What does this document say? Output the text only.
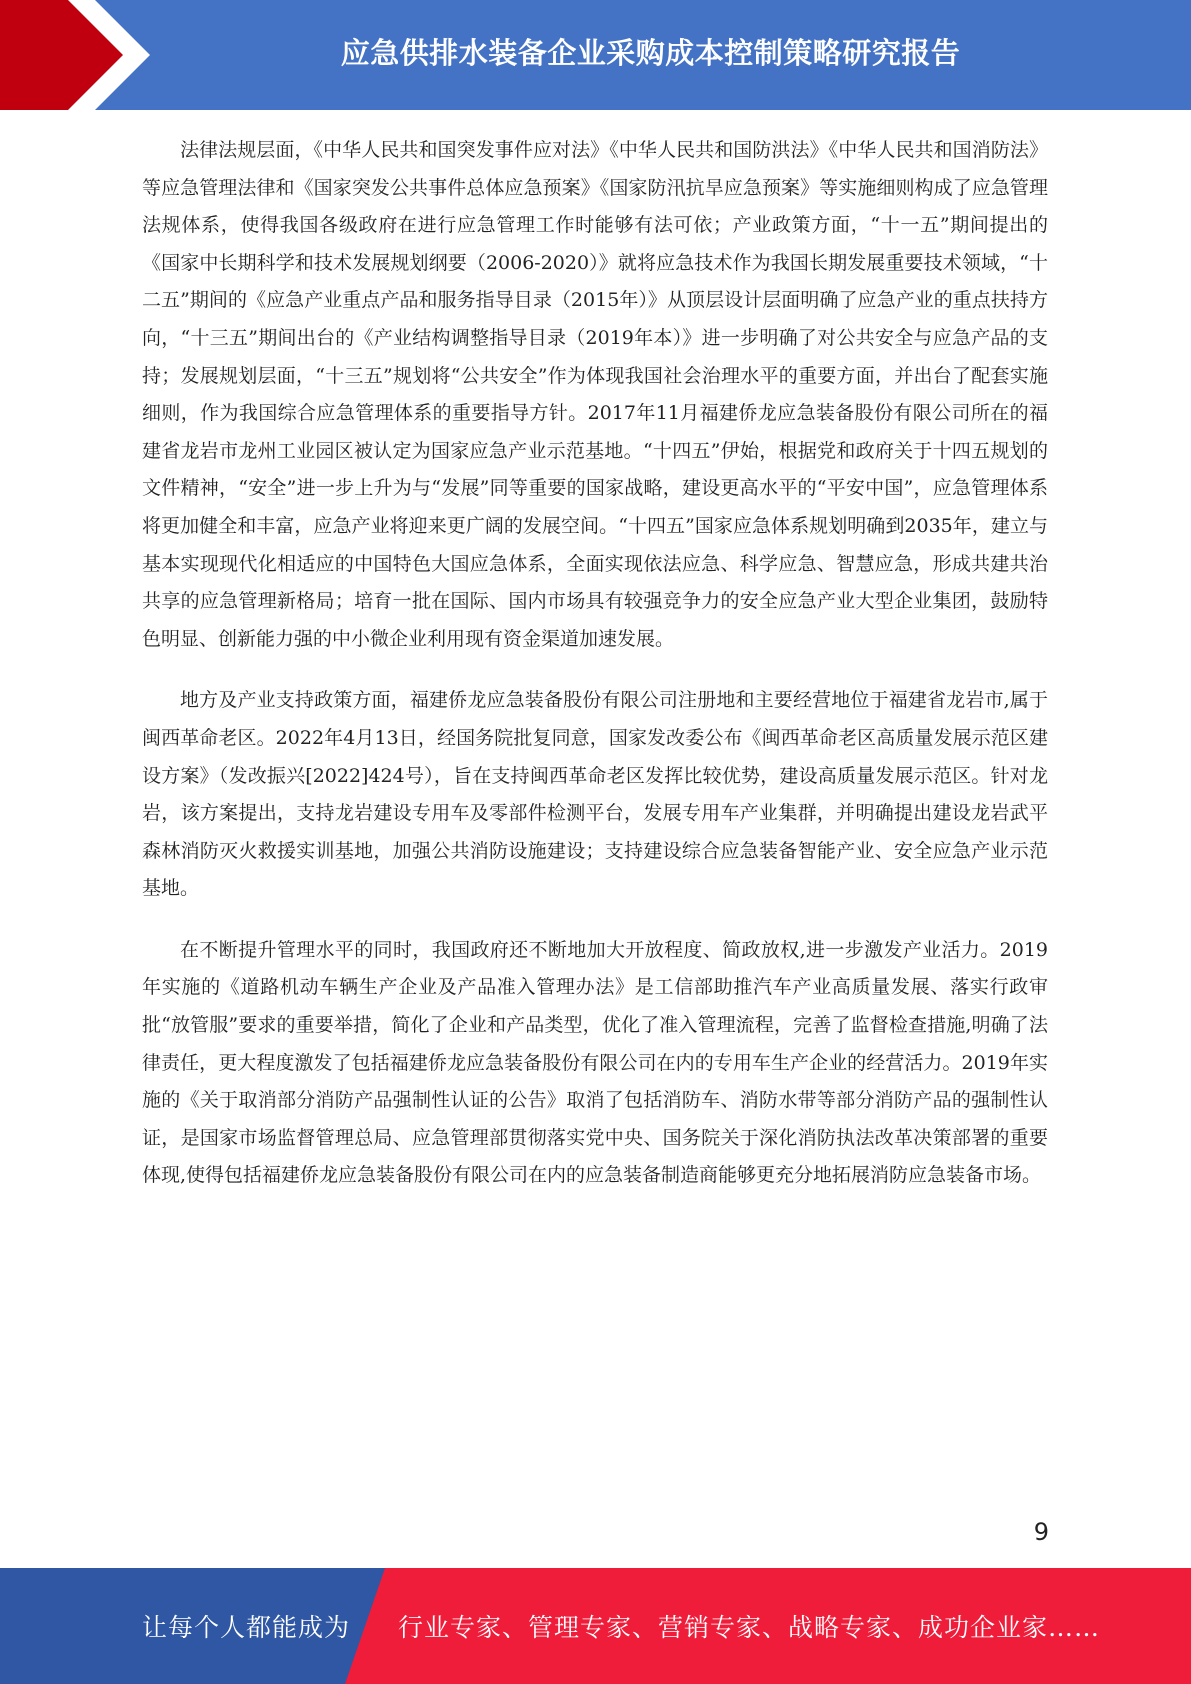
应急供排水装备企业采购成本控制策略研究报告

法律法规层面，《中华人民共和国突发事件应对法》《中华人民共和国防洪法》《中华人民共和国消防法》等应急管理法律和《国家突发公共事件总体应急预案》《国家防汛抗旱应急预案》等实施细则构成了应急管理法规体系，使得我国各级政府在进行应急管理工作时能够有法可依；产业政策方面，“十一五”期间提出的《国家中长期科学和技术发展规划纲要（2006-2020）》就将应急技术作为我国长期发展重要技术领域，“十二五”期间的《应急产业重点产品和服务指导目录（2015年）》从顶层设计层面明确了应急产业的重点扶持方向，“十三五”期间出台的《产业结构调整指导目录（2019年本）》进一步明确了对公共安全与应急产品的支持；发展规划层面，“十三五”规划将“公共安全”作为体现我国社会治理水平的重要方面，并出台了配套实施细则，作为我国综合应急管理体系的重要指导方针。2017年11月福建侨龙应急装备股份有限公司所在的福建省龙岩市龙州工业园区被认定为国家应急产业示范基地。“十四五”伊始，根据党和政府关于十四五规划的文件精神，“安全”进一步上升为与“发展”同等重要的国家战略，建设更高水平的“平安中国”，应急管理体系将更加健全和丰富，应急产业将迎来更广阔的发展空间。“十四五”国家应急体系规划明确到2035年，建立与基本实现现代化相适应的中国特色大国应急体系，全面实现依法应急、科学应急、智慧应急，形成共建共治共享的应急管理新格局；培育一批在国际、国内市场具有较强竞争力的安全应急产业大型企业集团，鼓励特色明显、创新能力强的中小微企业利用现有资金渠道加速发展。

地方及产业支持政策方面，福建侨龙应急装备股份有限公司注册地和主要经营地位于福建省龙岩市,属于闽西革命老区。2022年4月13日，经国务院批复同意，国家发改委公布《闽西革命老区高质量发展示范区建设方案》（发改振兴[2022]424号），旨在支持闽西革命老区发挥比较优势，建设高质量发展示范区。针对龙岩，该方案提出，支持龙岩建设专用车及零部件检测平台，发展专用车产业集群，并明确提出建设龙岩武平森林消防灭火救援实训基地，加强公共消防设施建设；支持建设综合应急装备智能产业、安全应急产业示范基地。

在不断提升管理水平的同时，我国政府还不断地加大开放程度、简政放权,进一步激发产业活力。2019年实施的《道路机动车辆生产企业及产品准入管理办法》是工信部助推汽车产业高质量发展、落实行政审批“放管服”要求的重要举措，简化了企业和产品类型，优化了准入管理流程，完善了监督检查措施,明确了法律责任，更大程度激发了包括福建侨龙应急装备股份有限公司在内的专用车生产企业的经营活力。2019年实施的《关于取消部分消防产品强制性认证的公告》取消了包括消防车、消防水带等部分消防产品的强制性认证，是国家市场监督管理总局、应急管理部贯彻落实党中央、国务院关于深化消防执法改革决策部署的重要体现,使得包括福建侨龙应急装备股份有限公司在内的应急装备制造商能够更充分地拓展消防应急装备市场。

9
让每个人都能成为 行业专家、管理专家、营销专家、战略专家、成功企业家……
